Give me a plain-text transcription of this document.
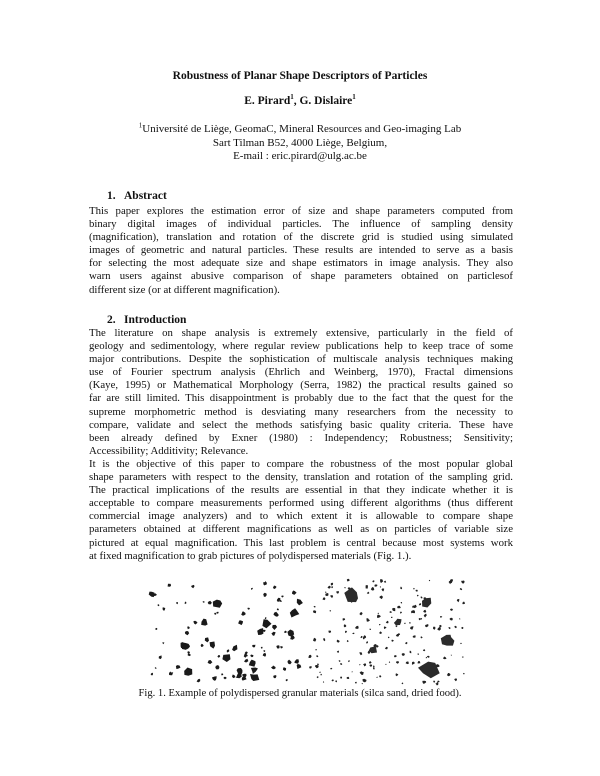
Robustness of Planar Shape Descriptors of Particles
E. Pirard$^1$, G. Dislaire$^1$
$^1$Université de Liège, GeomaC, Mineral Resources and Geo-imaging Lab
Sart Tilman B52, 4000 Liège, Belgium,
E-mail : eric.pirard@ulg.ac.be
1. Abstract
This paper explores the estimation error of size and shape parameters computed from
binary digital images of individual particles. The influence of sampling density
(magnification), translation and rotation of the discrete grid is studied using simulated
images of geometric and natural particles. These results are intended to serve as a basis
for selecting the most adequate size and shape estimators in image analysis. They also
warn users against abusive comparison of shape parameters obtained on particlesof
different size (or at different magnification).
2. Introduction
The literature on shape analysis is extremely extensive, particularly in the field of
geology and sedimentology, where regular review publications help to keep trace of some
major contributions. Despite the sophistication of multiscale analysis techniques making
use of Fourier spectrum analysis (Ehrlich and Weinberg, 1970), Fractal dimensions
(Kaye, 1995) or Mathematical Morphology (Serra, 1982) the practical results gained so
far are still limited. This disappointment is probably due to the fact that the quest for the
supreme morphometric method is desviating many researchers from the necessity to
compare, validate and select the methods satisfying basic quality criteria. These have
been already defined by Exner (1980) : Independency; Robustness; Sensitivity;
Accessibility; Additivity; Relevance.
It is the objective of this paper to compare the robustness of the most popular global
shape parameters with respect to the density, translation and rotation of the sampling grid.
The practical implications of the results are essential in that they indicate whether it is
acceptable to compare measurements performed using different algorithms (thus different
commercial image analyzers) and to which extent it is allowable to compare shape
parameters obtained at different magnifications as well as on particles of variable size
pictured at equal magnification. This last problem is central because most systems work
at fixed magnification to grab pictures of polydispersed materials (Fig. 1.).
Fig. 1. Example of polydispersed granular materials (silca sand, dried food).
